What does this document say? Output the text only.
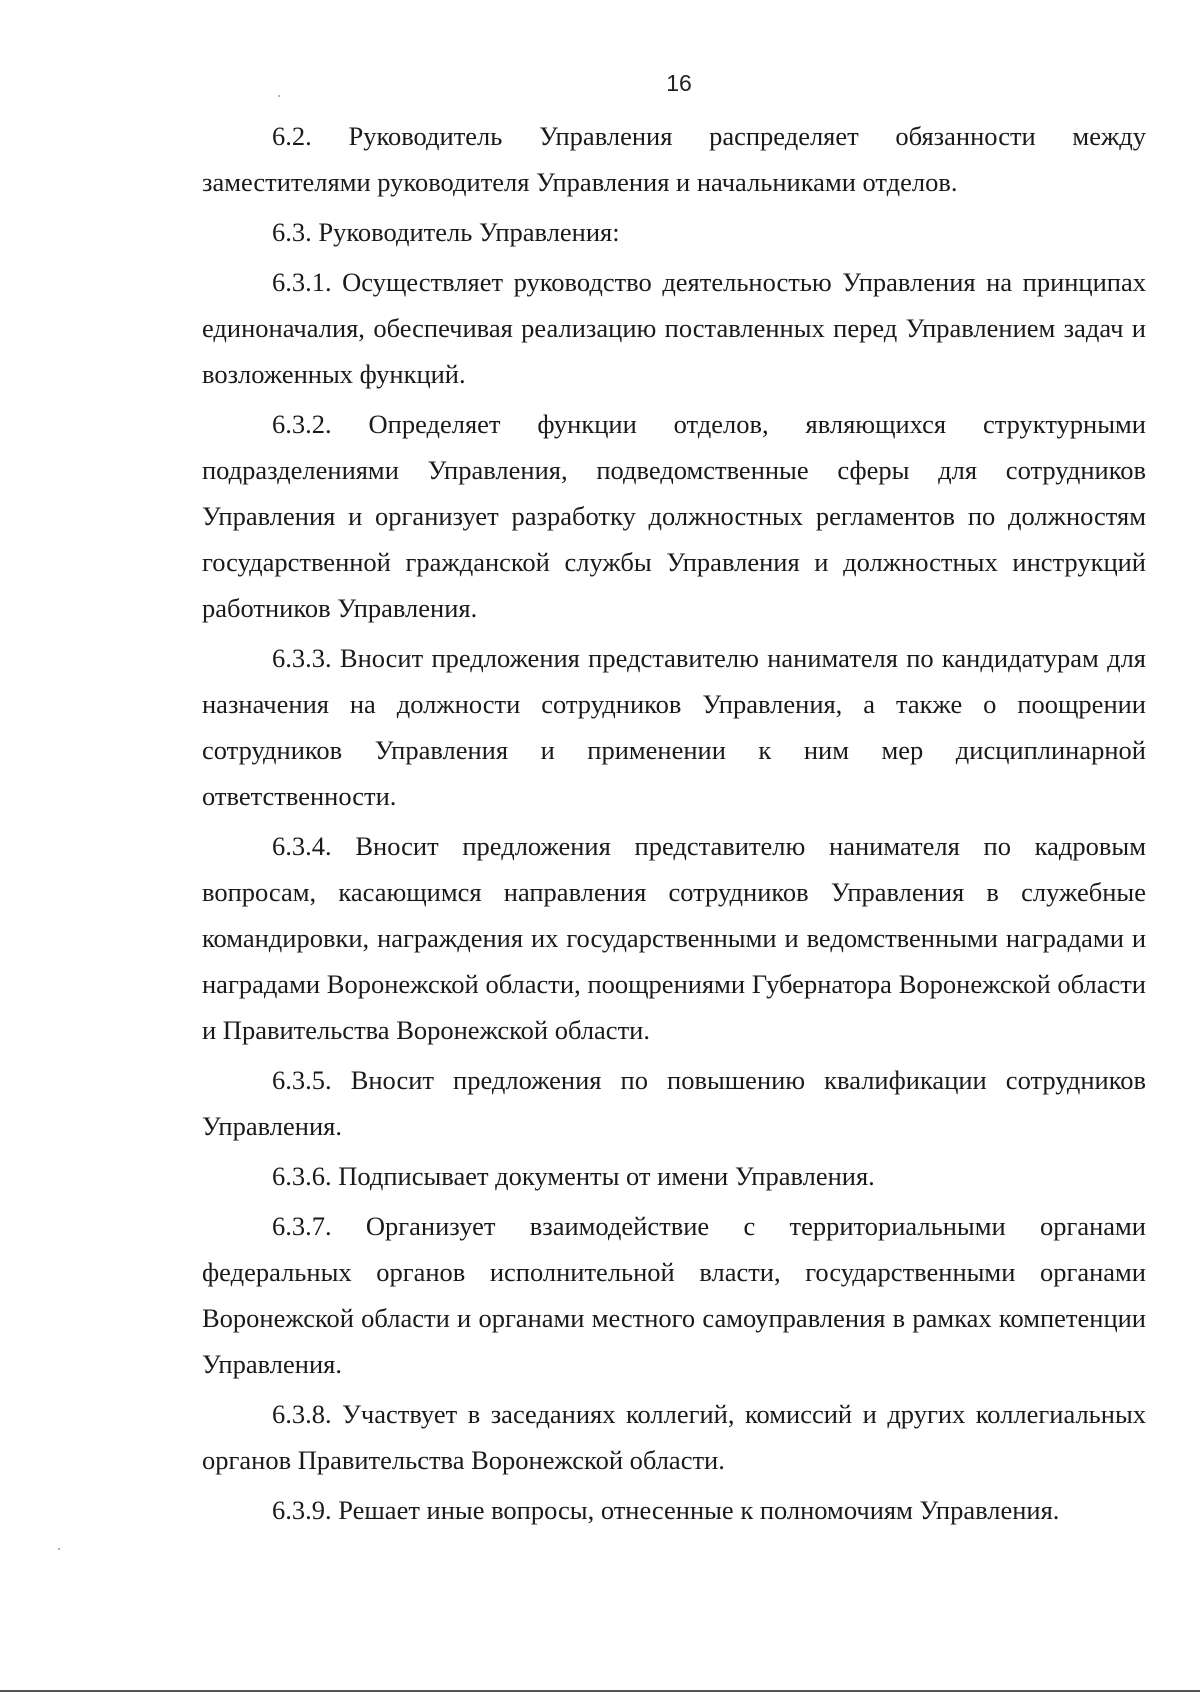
16

6.2. Руководитель Управления распределяет обязанности между заместителями руководителя Управления и начальниками отделов.

6.3. Руководитель Управления:

6.3.1. Осуществляет руководство деятельностью Управления на принципах единоначалия, обеспечивая реализацию поставленных перед Управлением задач и возложенных функций.

6.3.2. Определяет функции отделов, являющихся структурными подразделениями Управления, подведомственные сферы для сотрудников Управления и организует разработку должностных регламентов по должностям государственной гражданской службы Управления и должностных инструкций работников Управления.

6.3.3. Вносит предложения представителю нанимателя по кандидатурам для назначения на должности сотрудников Управления, а также о поощрении сотрудников Управления и применении к ним мер дисциплинарной ответственности.

6.3.4. Вносит предложения представителю нанимателя по кадровым вопросам, касающимся направления сотрудников Управления в служебные командировки, награждения их государственными и ведомственными наградами и наградами Воронежской области, поощрениями Губернатора Воронежской области и Правительства Воронежской области.

6.3.5. Вносит предложения по повышению квалификации сотрудников Управления.

6.3.6. Подписывает документы от имени Управления.

6.3.7. Организует взаимодействие с территориальными органами федеральных органов исполнительной власти, государственными органами Воронежской области и органами местного самоуправления в рамках компетенции Управления.

6.3.8. Участвует в заседаниях коллегий, комиссий и других коллегиальных органов Правительства Воронежской области.

6.3.9. Решает иные вопросы, отнесенные к полномочиям Управления.
